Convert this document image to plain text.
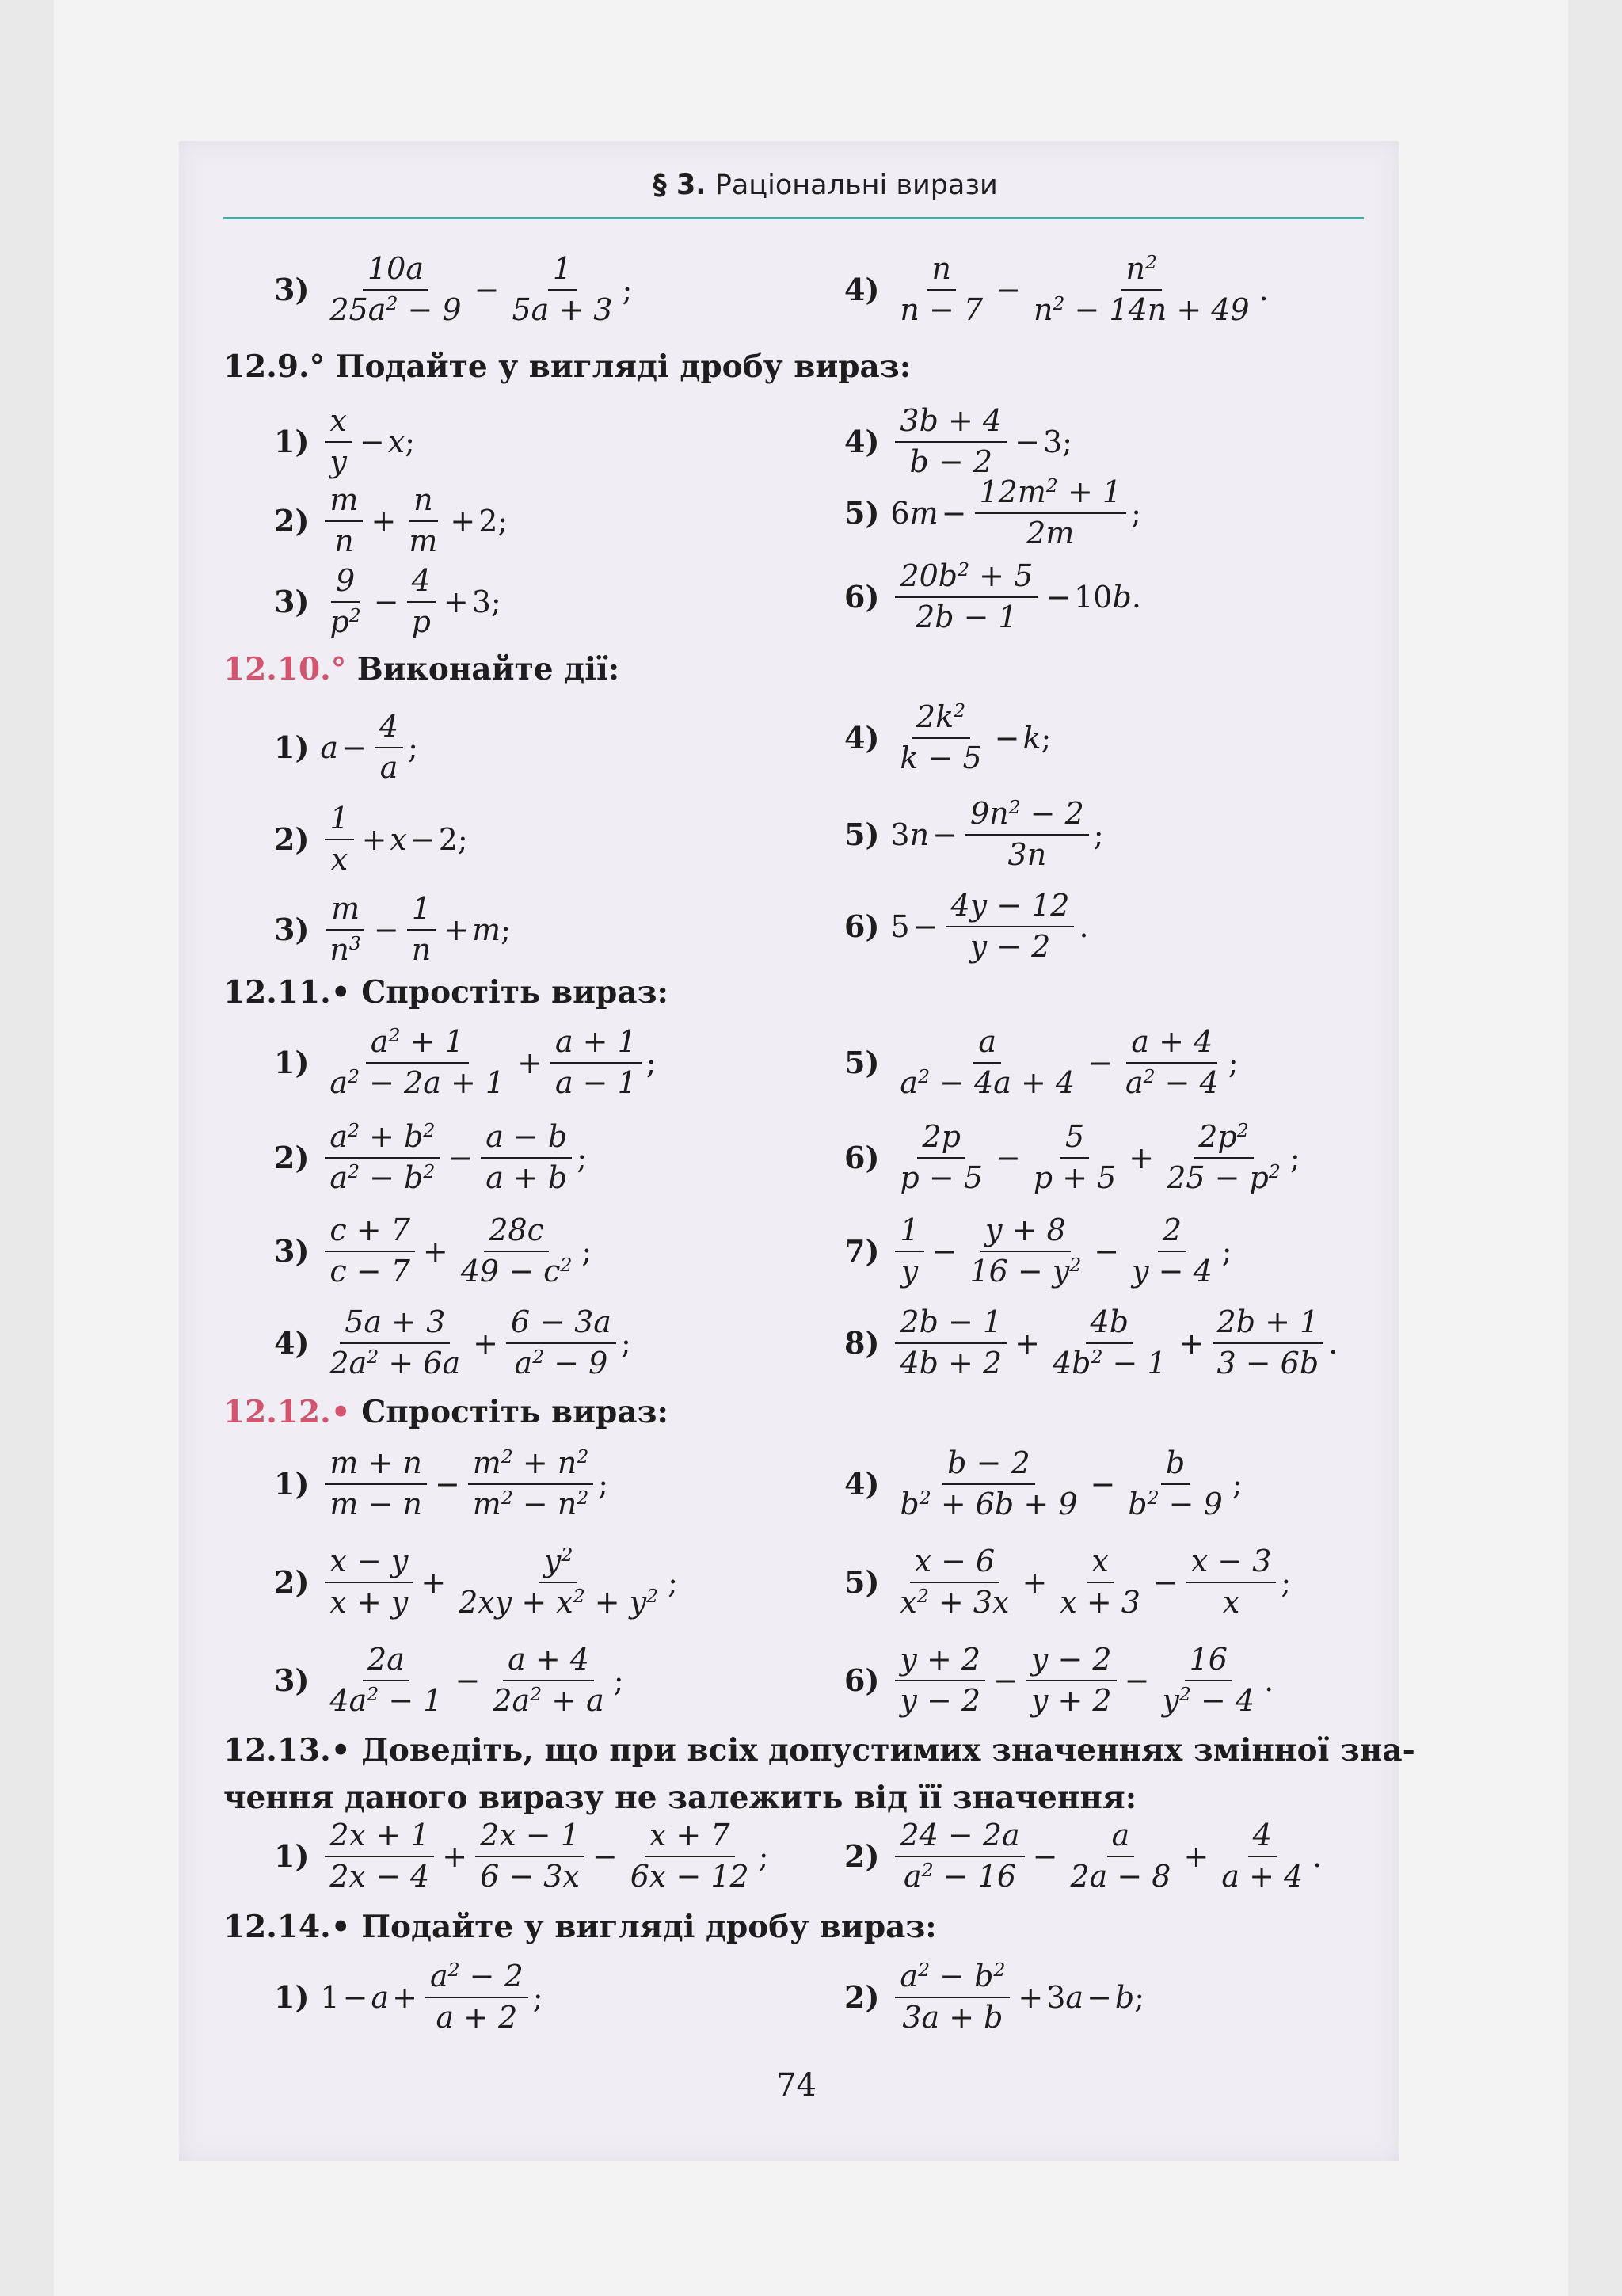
§ 3. Раціональні вирази
$3) \frac{10a}{25a^2 - 9} - \frac{1}{5a + 3}$ ;	$4) \frac{n}{n - 7} - \frac{n^2}{n^2 - 14n + 49}$ .
12.9.° Подайте у вигляді дробу вираз:
$1) \frac{x}{y} - x$ ;	$4) \frac{3b + 4}{b - 2} - 3$;
$2) \frac{m}{n} + \frac{n}{m} + 2$;	5) 6 $m - \frac{12m^2 + 1}{2m}$ ;
$3) \frac{9}{p^2} - \frac{4}{p} + 3$;	$6) \frac{20b^2 + 5}{2b - 1} - 10$ b .
12.10.° Виконайте дії:
1) $a - \frac{4}{a}$ ;	$4) \frac{2k^2}{k - 5} - k$ ;
$2) \frac{1}{x} + x - 2$;	5) 3 $n - \frac{9n^2 - 2}{3n}$ ;
$3) \frac{m}{n^3} - \frac{1}{n} + m$ ;	6) $5 - \frac{4y - 12}{y - 2}$ .
12.11.• Спростіть вираз:
$1) \frac{a^2 + 1}{a^2 - 2a + 1} + \frac{a + 1}{a - 1}$ ;	$5) \frac{a}{a^2 - 4a + 4} - \frac{a + 4}{a^2 - 4}$ ;
$2) \frac{a^2 + b^2}{a^2 - b^2} - \frac{a - b}{a + b}$ ;	$6) \frac{2p}{p - 5} - \frac{5}{p + 5} + \frac{2p^2}{25 - p^2}$ ;
$3) \frac{c + 7}{c - 7} + \frac{28c}{49 - c^2}$ ;	$7) \frac{1}{y} - \frac{y + 8}{16 - y^2} - \frac{2}{y - 4}$ ;
$4) \frac{5a + 3}{2a^2 + 6a} + \frac{6 - 3a}{a^2 - 9}$ ;	$8) \frac{2b - 1}{4b + 2} + \frac{4b}{4b^2 - 1} + \frac{2b + 1}{3 - 6b}$ .
12.12.• Спростіть вираз:
$1) \frac{m + n}{m - n} - \frac{m^2 + n^2}{m^2 - n^2}$ ;	$4) \frac{b - 2}{b^2 + 6b + 9} - \frac{b}{b^2 - 9}$ ;
$2) \frac{x - y}{x + y} + \frac{y^2}{2xy + x^2 + y^2}$ ;	$5) \frac{x - 6}{x^2 + 3x} + \frac{x}{x + 3} - \frac{x - 3}{x}$ ;
$3) \frac{2a}{4a^2 - 1} - \frac{a + 4}{2a^2 + a}$ ;	$6) \frac{y + 2}{y - 2} - \frac{y - 2}{y + 2} - \frac{16}{y^2 - 4}$ .
12.13.• Доведіть, що при всіх допустимих значеннях змінної зна-
чення даного виразу не залежить від її значення:
$1) \frac{2x + 1}{2x - 4} + \frac{2x - 1}{6 - 3x} - \frac{x + 7}{6x - 12}$ ;	$2) \frac{24 - 2a}{a^2 - 16} - \frac{a}{2a - 8} + \frac{4}{a + 4}$ .
12.14.• Подайте у вигляді дробу вираз:
1) $1 - a + \frac{a^2 - 2}{a + 2}$ ;	$2) \frac{a^2 - b^2}{3a + b} + 3$ a − b ;
74
